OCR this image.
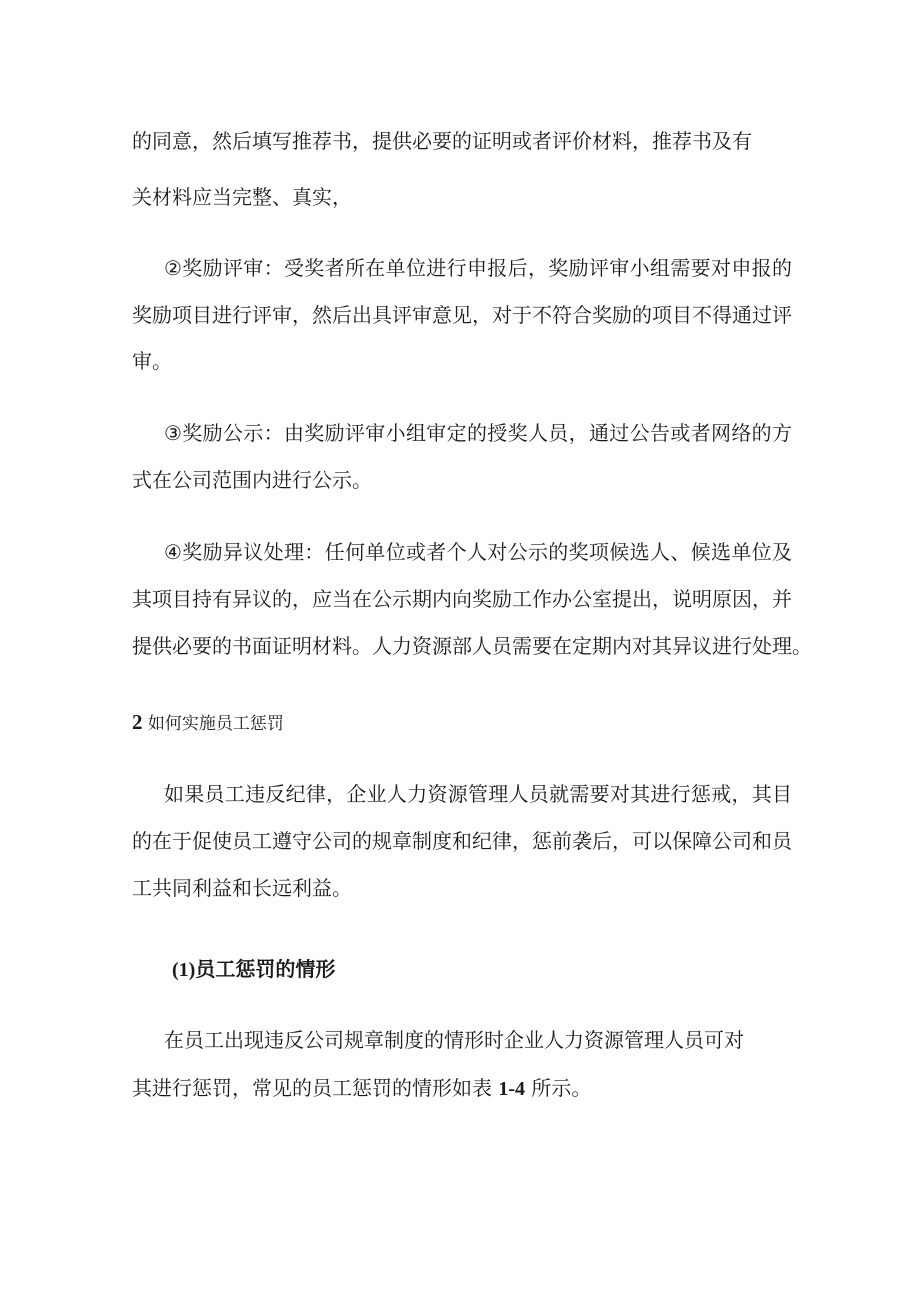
的同意，然后填写推荐书，提供必要的证明或者评价材料，推荐书及有
关材料应当完整、真实，
②奖励评审：受奖者所在单位进行申报后，奖励评审小组需要对申报的
奖励项目进行评审，然后出具评审意见，对于不符合奖励的项目不得通过评
审。
③奖励公示：由奖励评审小组审定的授奖人员，通过公告或者网络的方
式在公司范围内进行公示。
④奖励异议处理：任何单位或者个人对公示的奖项候选人、候选单位及
其项目持有异议的，应当在公示期内向奖励工作办公室提出，说明原因，并
提供必要的书面证明材料。人力资源部人员需要在定期内对其异议进行处理。
2 如何实施员工惩罚
如果员工违反纪律，企业人力资源管理人员就需要对其进行惩戒，其目
的在于促使员工遵守公司的规章制度和纪律，惩前袭后，可以保障公司和员
工共同利益和长远利益。
(1)员工惩罚的情形
在员工出现违反公司规章制度的情形时企业人力资源管理人员可对
其进行惩罚，常见的员工惩罚的情形如表 1-4 所示。
